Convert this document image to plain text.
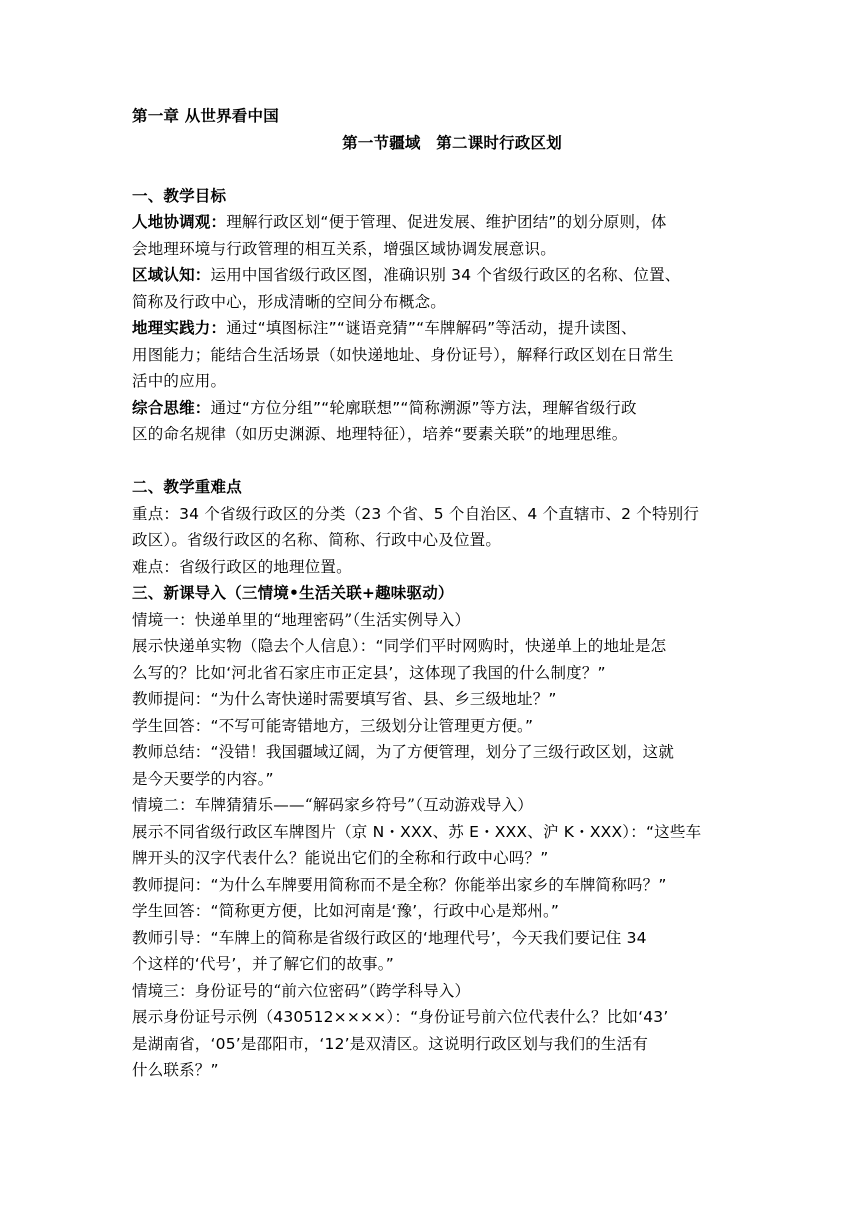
第一章 从世界看中国
第一节疆域　第二课时行政区划
一、教学目标
人地协调观：理解行政区划“便于管理、促进发展、维护团结”的划分原则，体
会地理环境与行政管理的相互关系，增强区域协调发展意识。
区域认知：运用中国省级行政区图，准确识别 34 个省级行政区的名称、位置、
简称及行政中心，形成清晰的空间分布概念。
地理实践力：通过“填图标注”“谜语竞猜”“车牌解码”等活动，提升读图、
用图能力；能结合生活场景（如快递地址、身份证号），解释行政区划在日常生
活中的应用。
综合思维：通过“方位分组”“轮廓联想”“简称溯源”等方法，理解省级行政
区的命名规律（如历史渊源、地理特征），培养“要素关联”的地理思维。
二、教学重难点
重点：34 个省级行政区的分类（23 个省、5 个自治区、4 个直辖市、2 个特别行
政区）。省级行政区的名称、简称、行政中心及位置。
难点：省级行政区的地理位置。
三、新课导入（三情境•生活关联+趣味驱动）
情境一：快递单里的“地理密码”（生活实例导入）
展示快递单实物（隐去个人信息）：“同学们平时网购时，快递单上的地址是怎
么写的？比如‘河北省石家庄市正定县’，这体现了我国的什么制度？”
教师提问：“为什么寄快递时需要填写省、县、乡三级地址？”
学生回答：“不写可能寄错地方，三级划分让管理更方便。”
教师总结：“没错！我国疆域辽阔，为了方便管理，划分了三级行政区划，这就
是今天要学的内容。”
情境二：车牌猜猜乐——“解码家乡符号”（互动游戏导入）
展示不同省级行政区车牌图片（京 N・XXX、苏 E・XXX、沪 K・XXX）：“这些车
牌开头的汉字代表什么？能说出它们的全称和行政中心吗？”
教师提问：“为什么车牌要用简称而不是全称？你能举出家乡的车牌简称吗？”
学生回答：“简称更方便，比如河南是‘豫’，行政中心是郑州。”
教师引导：“车牌上的简称是省级行政区的‘地理代号’，今天我们要记住 34
个这样的‘代号’，并了解它们的故事。”
情境三：身份证号的“前六位密码”（跨学科导入）
展示身份证号示例（430512××××）：“身份证号前六位代表什么？比如‘43’
是湖南省，‘05’是邵阳市，‘12’是双清区。这说明行政区划与我们的生活有
什么联系？”
